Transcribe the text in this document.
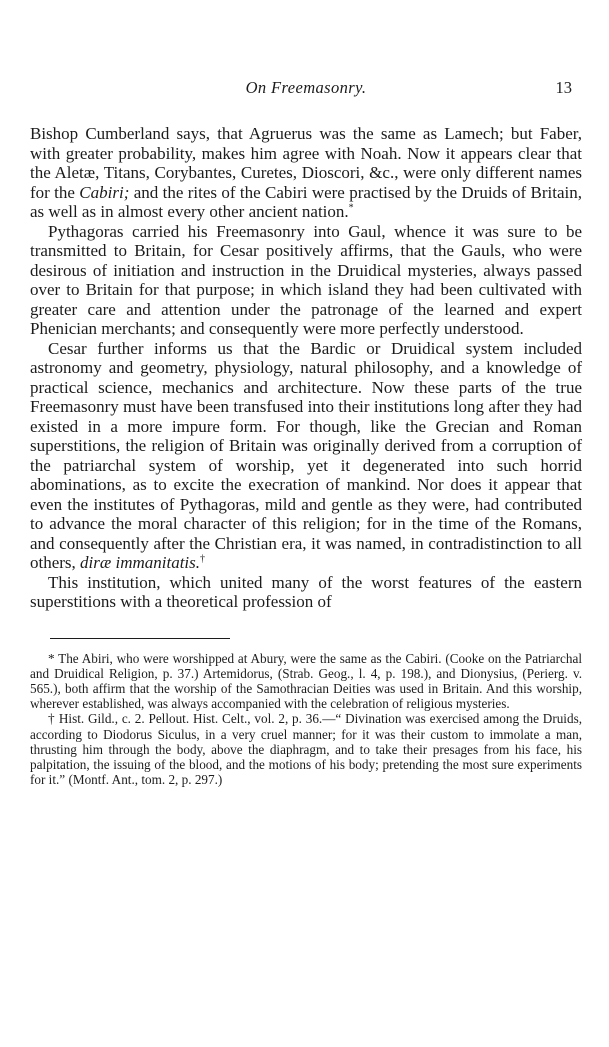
On Freemasonry.	13

Bishop Cumberland says, that Agruerus was the same as Lamech; but Faber, with greater probability, makes him agree with Noah. Now it appears clear that the Aletæ, Titans, Corybantes, Curetes, Dioscori, &c., were only different names for the Cabiri; and the rites of the Cabiri were practised by the Druids of Britain, as well as in almost every other ancient nation.*

Pythagoras carried his Freemasonry into Gaul, whence it was sure to be transmitted to Britain, for Cesar positively affirms, that the Gauls, who were desirous of initiation and instruction in the Druidical mysteries, always passed over to Britain for that purpose; in which island they had been cultivated with greater care and attention under the patronage of the learned and expert Phenician merchants; and consequently were more perfectly understood.

Cesar further informs us that the Bardic or Druidical system included astronomy and geometry, physiology, natural philosophy, and a knowledge of practical science, mechanics and architecture. Now these parts of the true Freemasonry must have been transfused into their institutions long after they had existed in a more impure form. For though, like the Grecian and Roman superstitions, the religion of Britain was originally derived from a corruption of the patriarchal system of worship, yet it degenerated into such horrid abominations, as to excite the execration of mankind. Nor does it appear that even the institutes of Pythagoras, mild and gentle as they were, had contributed to advance the moral character of this religion; for in the time of the Romans, and consequently after the Christian era, it was named, in contradistinction to all others, diræ immanitatis.†

This institution, which united many of the worst features of the eastern superstitions with a theoretical profession of

* The Abiri, who were worshipped at Abury, were the same as the Cabiri. (Cooke on the Patriarchal and Druidical Religion, p. 37.) Artemidorus, (Strab. Geog., l. 4, p. 198.), and Dionysius, (Perierg. v. 565.), both affirm that the worship of the Samothracian Deities was used in Britain. And this worship, wherever established, was always accompanied with the celebration of religious mysteries.

† Hist. Gild., c. 2. Pellout. Hist. Celt., vol. 2, p. 36.—“ Divination was exercised among the Druids, according to Diodorus Siculus, in a very cruel manner; for it was their custom to immolate a man, thrusting him through the body, above the diaphragm, and to take their presages from his face, his palpitation, the issuing of the blood, and the motions of his body; pretending the most sure experiments for it.” (Montf. Ant., tom. 2, p. 297.)
